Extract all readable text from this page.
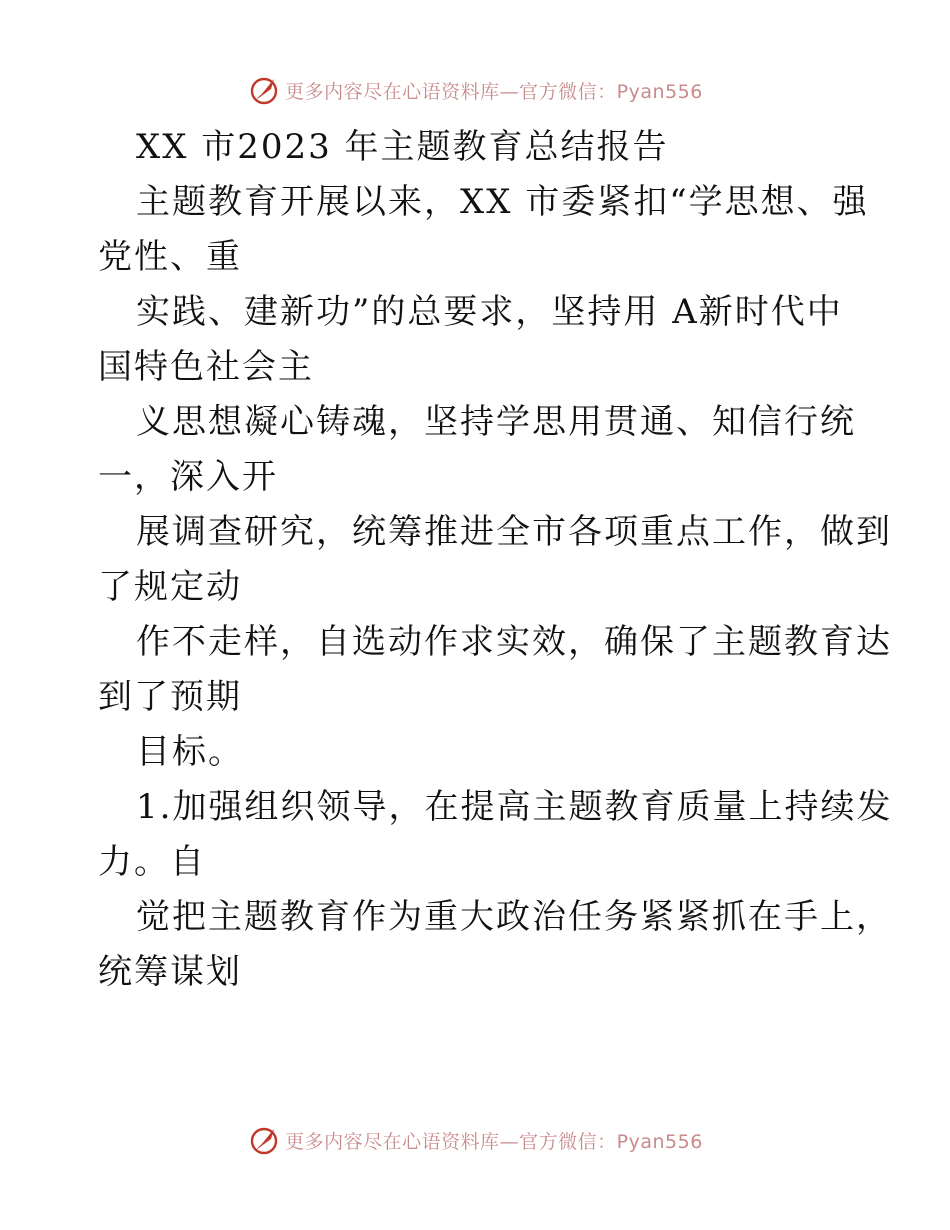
更多内容尽在心语资料库— 官方微信：Pyan556
XX 市2023 年主题教育总结报告
主题教育开展以来，XX 市委紧扣“学思想、强
党性、重
实践、建新功”的总要求，坚持用 A新时代中
国特色社会主
义思想凝心铸魂，坚持学思用贯通、知信行统
一，深入开
展调查研究，统筹推进全市各项重点工作，做到
了规定动
作不走样，自选动作求实效，确保了主题教育达
到了预期
目标。
1.加强组织领导，在提高主题教育质量上持续发
力。自
觉把主题教育作为重大政治任务紧紧抓在手上，
统筹谋划
更多内容尽在心语资料库— 官方微信：Pyan556
